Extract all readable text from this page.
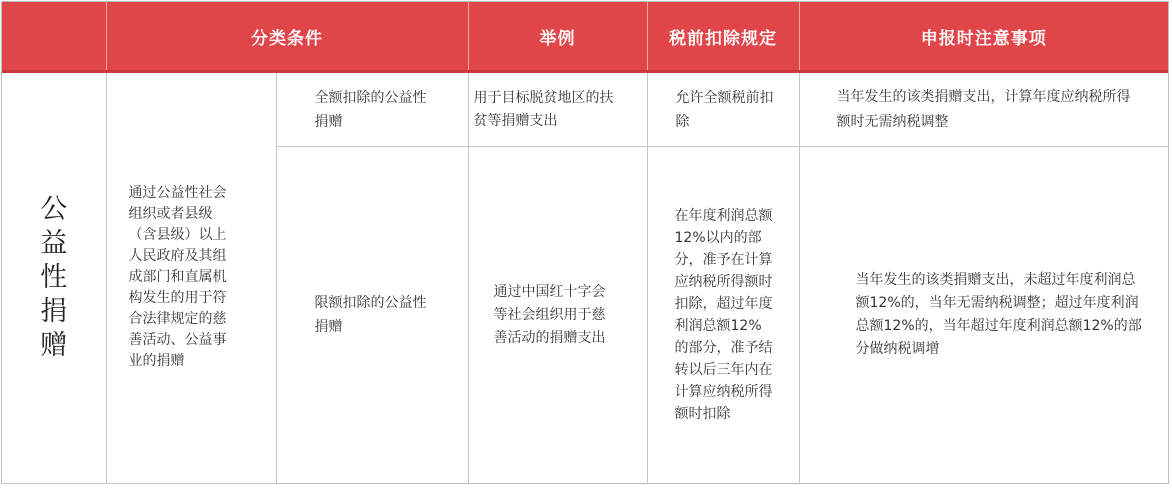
	分类条件		举例	税前扣除规定	申报时注意事项
公益性捐赠	通过公益性社会组织或者县级（含县级）以上人民政府及其组成部门和直属机构发生的用于符合法律规定的慈善活动、公益事业的捐赠	全额扣除的公益性捐赠	用于目标脱贫地区的扶贫等捐赠支出	允许全额税前扣除	当年发生的该类捐赠支出，计算年度应纳税所得额时无需纳税调整

		限额扣除的公益性捐赠	通过中国红十字会等社会组织用于慈善活动的捐赠支出	在年度利润总额12%以内的部分，准予在计算应纳税所得额时扣除，超过年度利润总额12%的部分，准予结转以后三年内在计算应纳税所得额时扣除	当年发生的该类捐赠支出，未超过年度利润总额12%的，当年无需纳税调整；超过年度利润总额12%的，当年超过年度利润总额12%的部分做纳税调增
